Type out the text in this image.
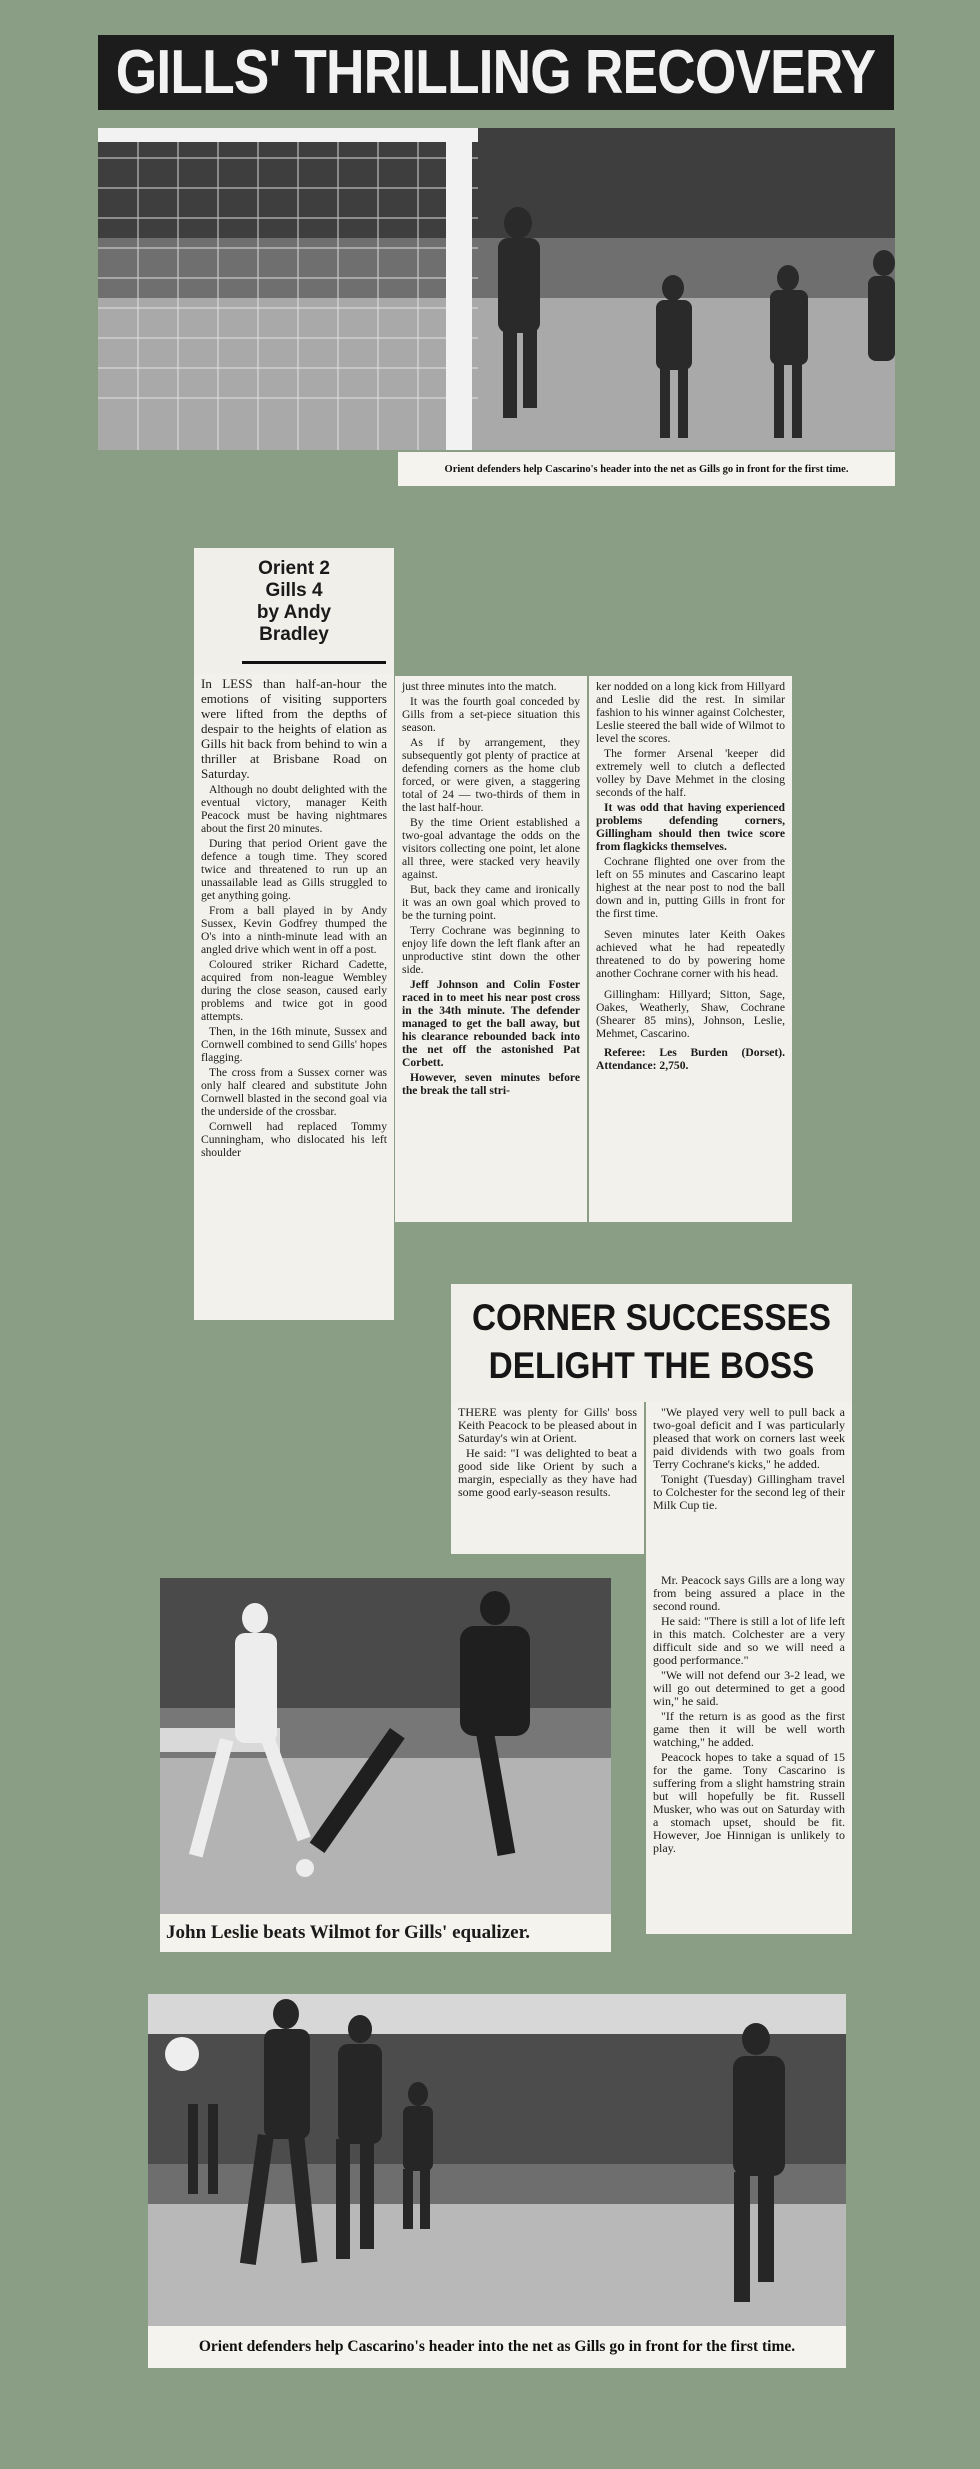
GILLS' THRILLING RECOVERY
Orient defenders help Cascarino's header into the net as Gills go in front for the first time.
Orient 2
Gills 4
by Andy
Bradley

In LESS than half-an-hour the emotions of visiting supporters were lifted from the depths of despair to the heights of elation as Gills hit back from behind to win a thriller at Brisbane Road on Saturday.

Although no doubt delighted with the eventual victory, manager Keith Peacock must be having nightmares about the first 20 minutes.

During that period Orient gave the defence a tough time. They scored twice and threatened to run up an unassailable lead as Gills struggled to get anything going.

From a ball played in by Andy Sussex, Kevin Godfrey thumped the O's into a ninth-minute lead with an angled drive which went in off a post.

Coloured striker Richard Cadette, acquired from non-league Wembley during the close season, caused early problems and twice got in good attempts.

Then, in the 16th minute, Sussex and Cornwell combined to send Gills' hopes flagging.

The cross from a Sussex corner was only half cleared and substitute John Cornwell blasted in the second goal via the underside of the crossbar.

Cornwell had replaced Tommy Cunningham, who dislocated his left shoulder

just three minutes into the match.

It was the fourth goal conceded by Gills from a set-piece situation this season.

As if by arrangement, they subsequently got plenty of practice at defending corners as the home club forced, or were given, a staggering total of 24 — two-thirds of them in the last half-hour.

By the time Orient established a two-goal advantage the odds on the visitors collecting one point, let alone all three, were stacked very heavily against.

But, back they came and ironically it was an own goal which proved to be the turning point.

Terry Cochrane was beginning to enjoy life down the left flank after an unproductive stint down the other side.

Jeff Johnson and Colin Foster raced in to meet his near post cross in the 34th minute. The defender managed to get the ball away, but his clearance rebounded back into the net off the astonished Pat Corbett.

However, seven minutes before the break the tall stri-

ker nodded on a long kick from Hillyard and Leslie did the rest. In similar fashion to his winner against Colchester, Leslie steered the ball wide of Wilmot to level the scores.

The former Arsenal 'keeper did extremely well to clutch a deflected volley by Dave Mehmet in the closing seconds of the half.

It was odd that having experienced problems defending corners, Gillingham should then twice score from flagkicks themselves.

Cochrane flighted one over from the left on 55 minutes and Cascarino leapt highest at the near post to nod the ball down and in, putting Gills in front for the first time.

Seven minutes later Keith Oakes achieved what he had repeatedly threatened to do by powering home another Cochrane corner with his head.

Gillingham: Hillyard; Sitton, Sage, Oakes, Weatherly, Shaw, Cochrane (Shearer 85 mins), Johnson, Leslie, Mehmet, Cascarino.

Referee: Les Burden (Dorset). Attendance: 2,750.

CORNER SUCCESSES
DELIGHT THE BOSS

THERE was plenty for Gills' boss Keith Peacock to be pleased about in Saturday's win at Orient.

He said: "I was delighted to beat a good side like Orient by such a margin, especially as they have had some good early-season results.

"We played very well to pull back a two-goal deficit and I was particularly pleased that work on corners last week paid dividends with two goals from Terry Cochrane's kicks," he added.

Tonight (Tuesday) Gillingham travel to Colchester for the second leg of their Milk Cup tie.

Mr. Peacock says Gills are a long way from being assured a place in the second round.

He said: "There is still a lot of life left in this match. Colchester are a very difficult side and so we will need a good performance."

"We will not defend our 3-2 lead, we will go out determined to get a good win," he said.

"If the return is as good as the first game then it will be well worth watching," he added.

Peacock hopes to take a squad of 15 for the game. Tony Cascarino is suffering from a slight hamstring strain but will hopefully be fit. Russell Musker, who was out on Saturday with a stomach upset, should be fit. However, Joe Hinnigan is unlikely to play.

John Leslie beats Wilmot for Gills' equalizer.
Orient defenders help Cascarino's header into the net as Gills go in front for the first time.
